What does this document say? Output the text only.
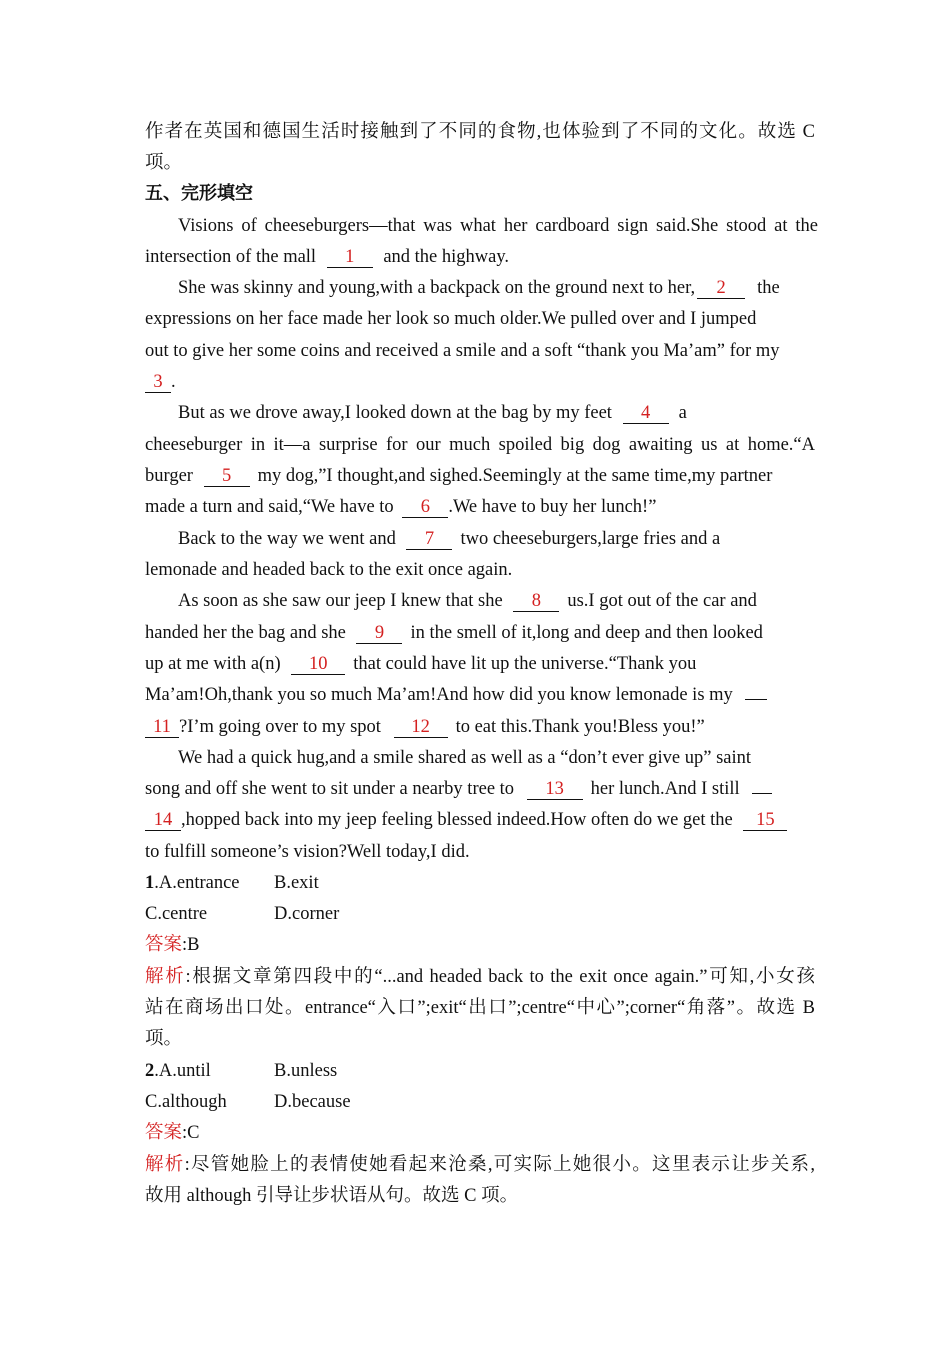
作者在英国和德国生活时接触到了不同的食物,也体验到了不同的文化。故选 C
项。
五、完形填空
Visions of cheeseburgers—that was what her cardboard sign said.She stood at the
intersection of the mall 1 and the highway.
She was skinny and young,with a backpack on the ground next to her, 2 the
expressions on her face made her look so much older.We pulled over and I jumped
out to give her some coins and received a smile and a soft “thank you Ma’am” for my
3 .
But as we drove away,I looked down at the bag by my feet 4 a
cheeseburger in it—a surprise for our much spoiled big dog awaiting us at home.“A
burger 5 my dog,”I thought,and sighed.Seemingly at the same time,my partner
made a turn and said,“We have to 6 .We have to buy her lunch!”
Back to the way we went and 7 two cheeseburgers,large fries and a
lemonade and headed back to the exit once again.
As soon as she saw our jeep I knew that she 8 us.I got out of the car and
handed her the bag and she 9 in the smell of it,long and deep and then looked
up at me with a(n) 10 that could have lit up the universe.“Thank you
Ma’am!Oh,thank you so much Ma’am!And how did you know lemonade is my
11 ?I’m going over to my spot 12 to eat this.Thank you!Bless you!”
We had a quick hug,and a smile shared as well as a “don’t ever give up” saint
song and off she went to sit under a nearby tree to 13 her lunch.And I still
14 ,hopped back into my jeep feeling blessed indeed.How often do we get the 15
to fulfill someone’s vision?Well today,I did.
1.A.entrance B.exit
C.centre	D.corner
答案:B
解析:根据文章第四段中的“...and headed back to the exit once again.”可知,小女孩
站在商场出口处。entrance“入口”;exit“出口”;centre“中心”;corner“角落”。故选 B
项。
2.A.until	B.unless
C.although	D.because
答案:C
解析:尽管她脸上的表情使她看起来沧桑,可实际上她很小。这里表示让步关系,
故用 although 引导让步状语从句。故选 C 项。
